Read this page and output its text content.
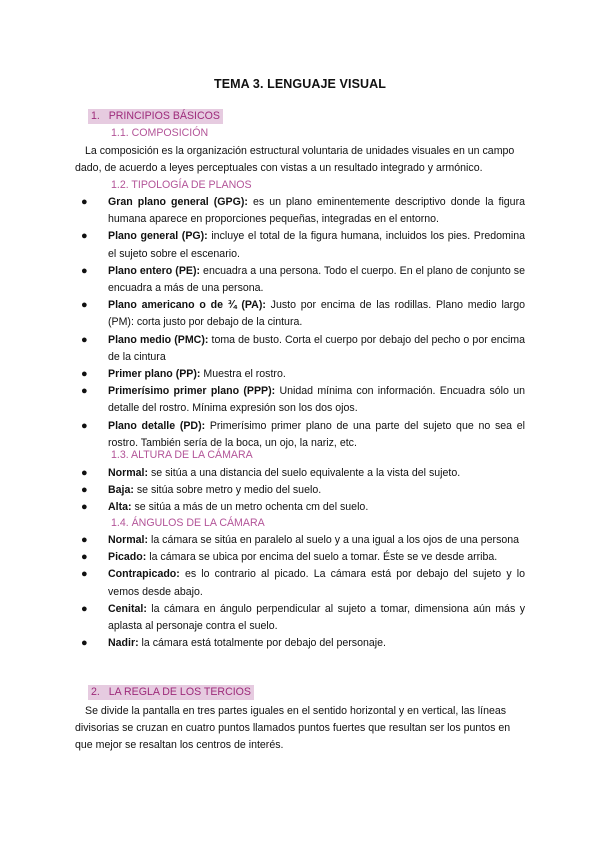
TEMA 3. LENGUAJE VISUAL
1. PRINCIPIOS BÁSICOS
1.1. COMPOSICIÓN

La composición es la organización estructural voluntaria de unidades visuales en un campo dado, de acuerdo a leyes perceptuales con vistas a un resultado integrado y armónico.

1.2. TIPOLOGÍA DE PLANOS
● Gran plano general (GPG): es un plano eminentemente descriptivo donde la figura humana aparece en proporciones pequeñas, integradas en el entorno.
● Plano general (PG): incluye el total de la figura humana, incluidos los pies. Predomina el sujeto sobre el escenario.
● Plano entero (PE): encuadra a una persona. Todo el cuerpo. En el plano de conjunto se encuadra a más de una persona.
● Plano americano o de ¾ (PA): Justo por encima de las rodillas. Plano medio largo (PM): corta justo por debajo de la cintura.
● Plano medio (PMC): toma de busto. Corta el cuerpo por debajo del pecho o por encima de la cintura
● Primer plano (PP): Muestra el rostro.
● Primerísimo primer plano (PPP): Unidad mínima con información. Encuadra sólo un detalle del rostro. Mínima expresión son los dos ojos.
● Plano detalle (PD): Primerísimo primer plano de una parte del sujeto que no sea el rostro. También sería de la boca, un ojo, la nariz, etc.
1.3. ALTURA DE LA CÁMARA
● Normal: se sitúa a una distancia del suelo equivalente a la vista del sujeto.
● Baja: se sitúa sobre metro y medio del suelo.
● Alta: se sitúa a más de un metro ochenta cm del suelo.
1.4. ÁNGULOS DE LA CÁMARA
● Normal: la cámara se sitúa en paralelo al suelo y a una igual a los ojos de una persona
● Picado: la cámara se ubica por encima del suelo a tomar. Éste se ve desde arriba.
● Contrapicado: es lo contrario al picado. La cámara está por debajo del sujeto y lo vemos desde abajo.
● Cenital: la cámara en ángulo perpendicular al sujeto a tomar, dimensiona aún más y aplasta al personaje contra el suelo.
● Nadir: la cámara está totalmente por debajo del personaje.
2. LA REGLA DE LOS TERCIOS

Se divide la pantalla en tres partes iguales en el sentido horizontal y en vertical, las líneas divisorias se cruzan en cuatro puntos llamados puntos fuertes que resultan ser los puntos en que mejor se resaltan los centros de interés.
